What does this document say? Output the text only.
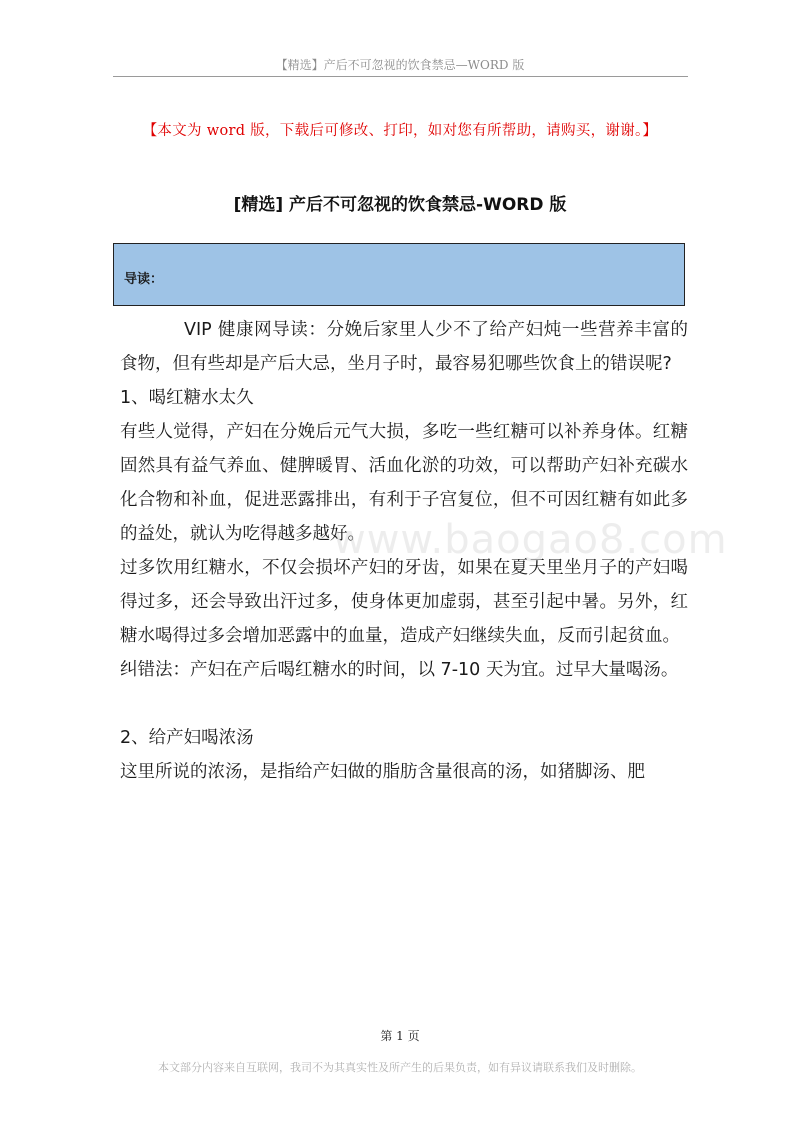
【精选】产后不可忽视的饮食禁忌—WORD 版
【本文为 word 版，下载后可修改、打印，如对您有所帮助，请购买，谢谢。】
[精选] 产后不可忽视的饮食禁忌-WORD 版
导读：

VIP 健康网导读：分娩后家里人少不了给产妇炖一些营养丰富的食物，但有些却是产后大忌，坐月子时，最容易犯哪些饮食上的错误呢?

1、喝红糖水太久

有些人觉得，产妇在分娩后元气大损，多吃一些红糖可以补养身体。红糖固然具有益气养血、健脾暖胃、活血化淤的功效，可以帮助产妇补充碳水化合物和补血，促进恶露排出，有利于子宫复位，但不可因红糖有如此多的益处，就认为吃得越多越好。

过多饮用红糖水，不仅会损坏产妇的牙齿，如果在夏天里坐月子的产妇喝得过多，还会导致出汗过多，使身体更加虚弱，甚至引起中暑。另外，红糖水喝得过多会增加恶露中的血量，造成产妇继续失血，反而引起贫血。

纠错法：产妇在产后喝红糖水的时间，以 7-10 天为宜。过早大量喝汤。

2、给产妇喝浓汤

这里所说的浓汤，是指给产妇做的脂肪含量很高的汤，如猪脚汤、肥

www.baogao8.com
第 1 页
本文部分内容来自互联网，我司不为其真实性及所产生的后果负责，如有异议请联系我们及时删除。
